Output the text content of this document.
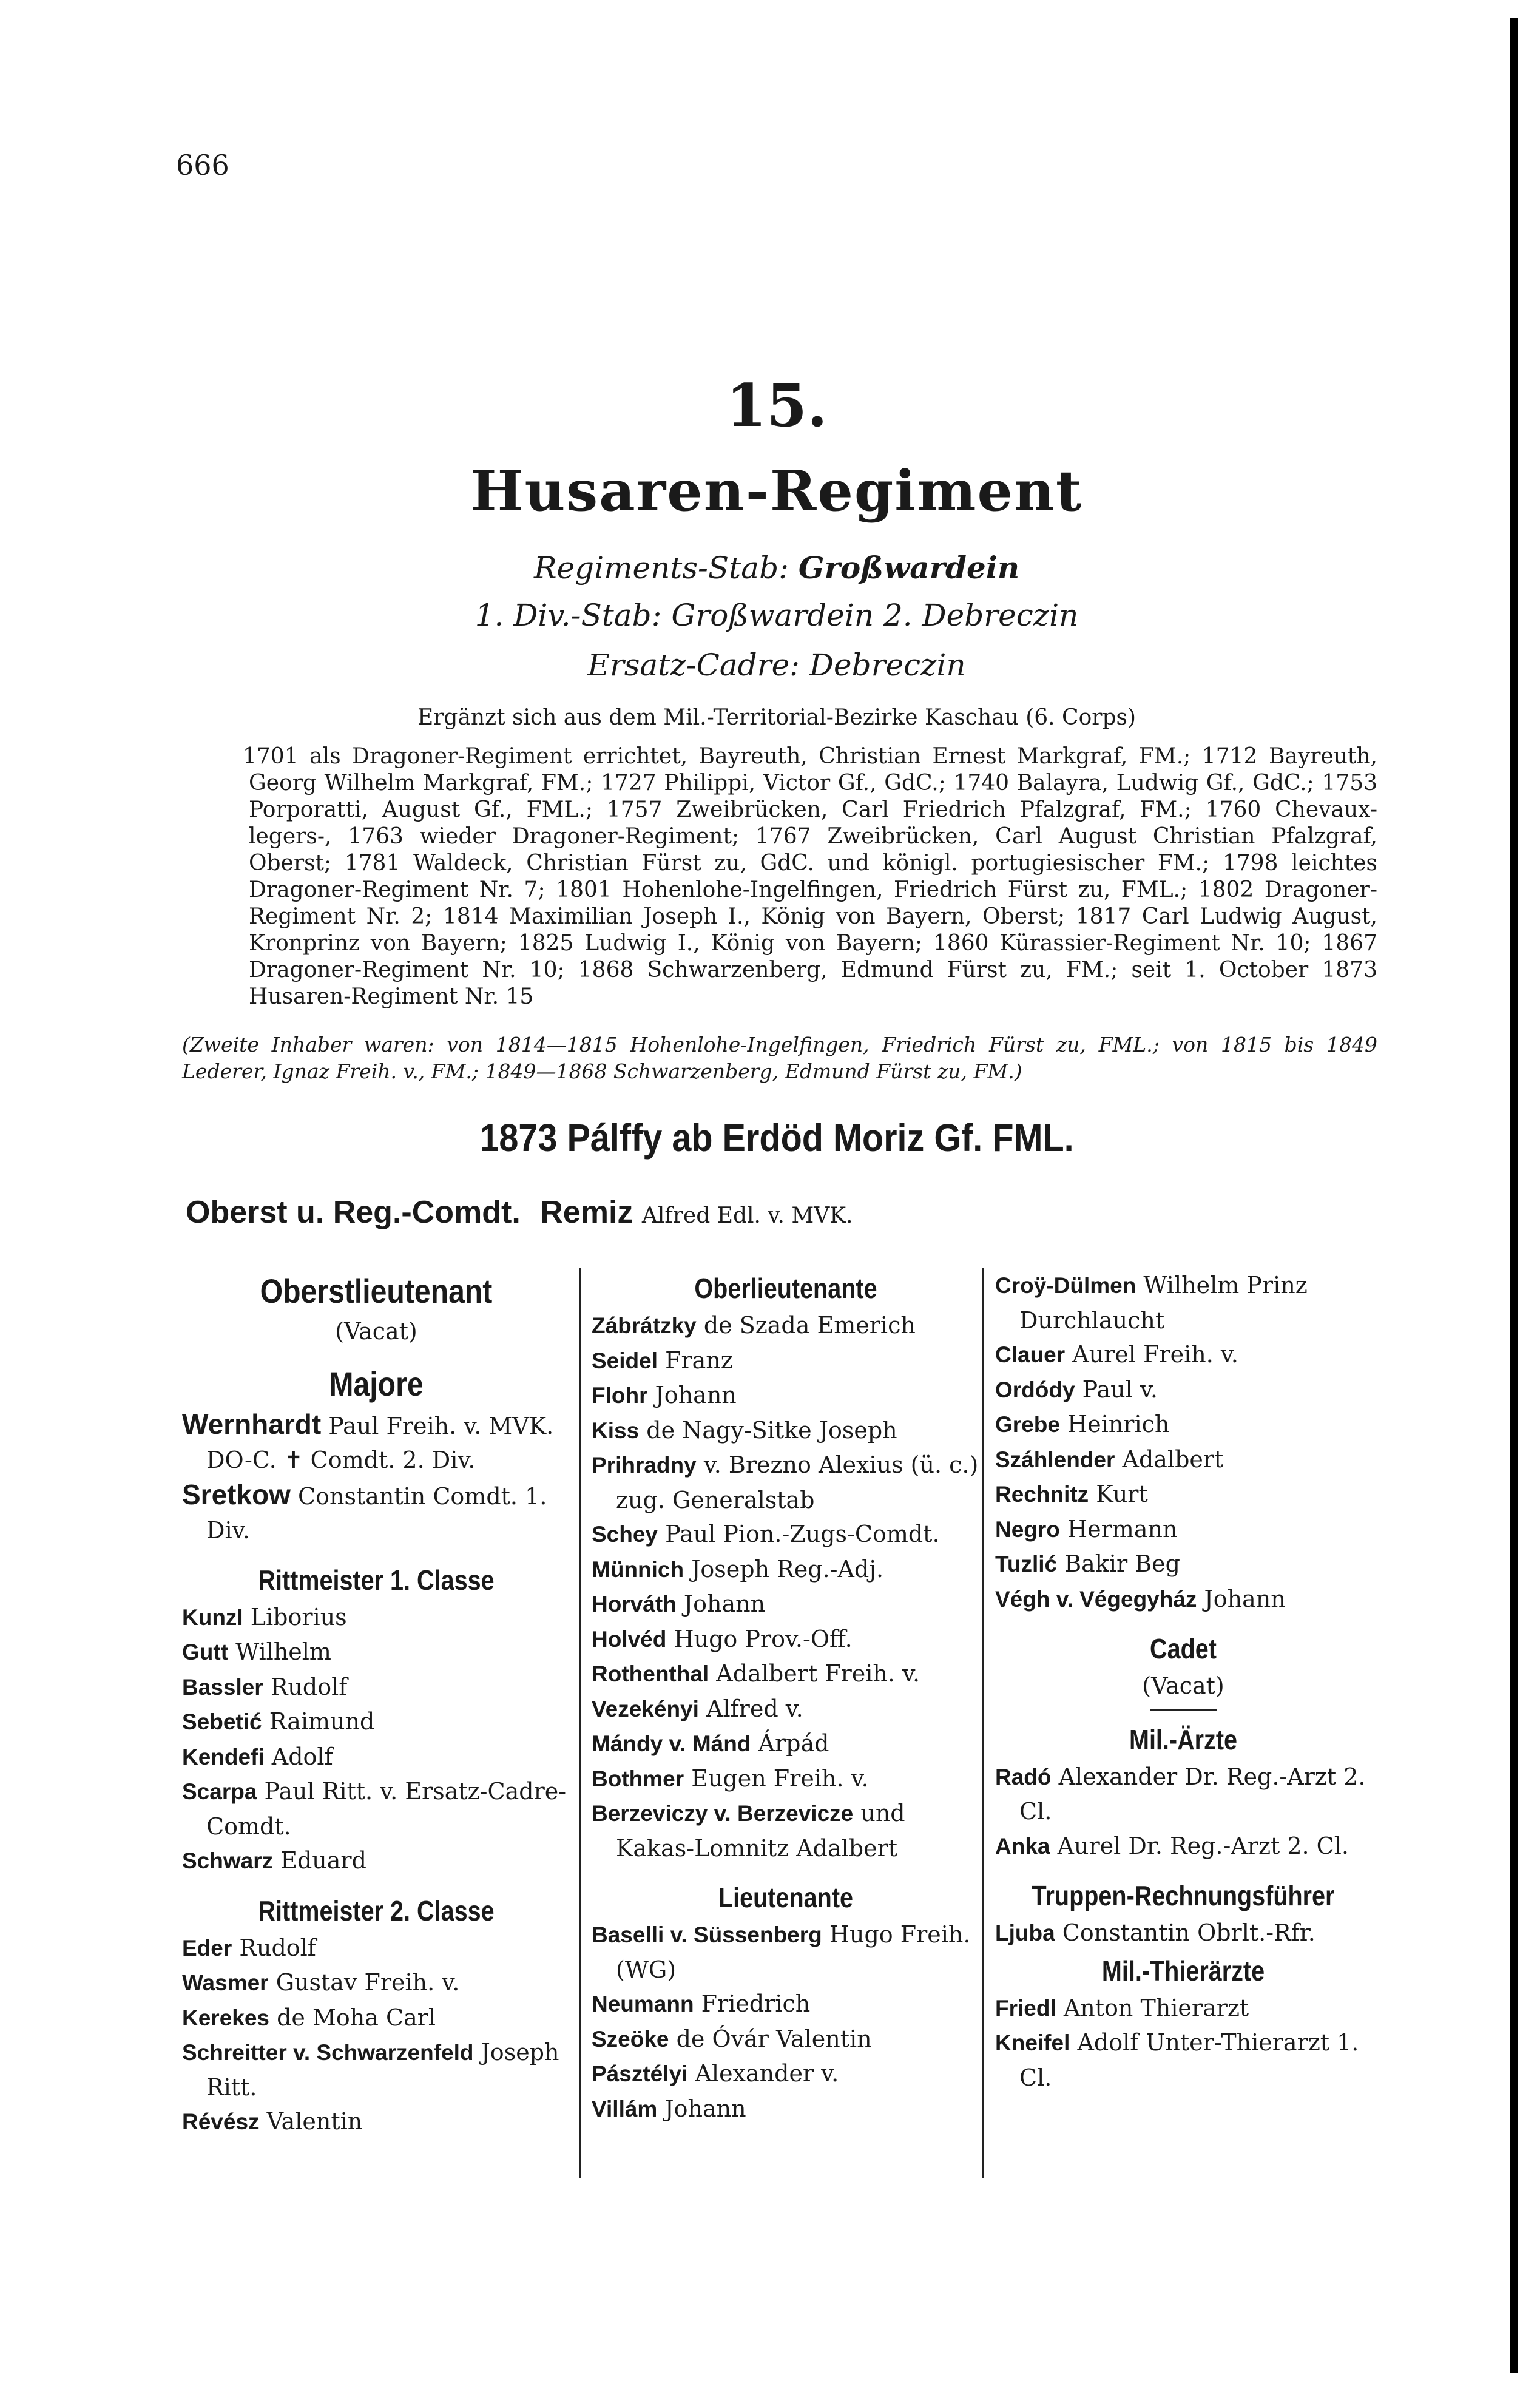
666
15.
Husaren-Regiment
Regiments-Stab: Großwardein
1. Div.-Stab: Großwardein 2. Debreczin
Ersatz-Cadre: Debreczin
Ergänzt sich aus dem Mil.-Territorial-Bezirke Kaschau (6. Corps)
1701 als Dragoner-Regiment errichtet, Bayreuth, Christian Ernest Markgraf, FM.; 1712 Bayreuth, Georg Wilhelm Markgraf, FM.; 1727 Philippi, Victor Gf., GdC.; 1740 Balayra, Ludwig Gf., GdC.; 1753 Porporatti, August Gf., FML.; 1757 Zweibrücken, Carl Friedrich Pfalzgraf, FM.; 1760 Chevaux-legers-, 1763 wieder Dragoner-Regiment; 1767 Zweibrücken, Carl August Christian Pfalzgraf, Oberst; 1781 Waldeck, Christian Fürst zu, GdC. und königl. portugiesischer FM.; 1798 leichtes Dragoner-Regiment Nr. 7; 1801 Hohenlohe-Ingelfingen, Friedrich Fürst zu, FML.; 1802 Dragoner-Regiment Nr. 2; 1814 Maximilian Joseph I., König von Bayern, Oberst; 1817 Carl Ludwig August, Kronprinz von Bayern; 1825 Ludwig I., König von Bayern; 1860 Kürassier-Regiment Nr. 10; 1867 Dragoner-Regiment Nr. 10; 1868 Schwarzenberg, Edmund Fürst zu, FM.; seit 1. October 1873 Husaren-Regiment Nr. 15
(Zweite Inhaber waren: von 1814—1815 Hohenlohe-Ingelfingen, Friedrich Fürst zu, FML.; von 1815 bis 1849 Lederer, Ignaz Freih. v., FM.; 1849—1868 Schwarzenberg, Edmund Fürst zu, FM.)
1873 Pálffy ab Erdöd Moriz Gf. FML.
Oberst u. Reg.-Comdt. Remiz Alfred Edl. v. MVK.
Oberstlieutenant
(Vacat)
Majore
Wernhardt Paul Freih. v. MVK. DO-C. ✝ Comdt. 2. Div.
Sretkow Constantin Comdt. 1. Div.
Rittmeister 1. Classe
Kunzl Liborius
Gutt Wilhelm
Bassler Rudolf
Sebetić Raimund
Kendefi Adolf
Scarpa Paul Ritt. v. Ersatz-Cadre-Comdt.
Schwarz Eduard
Rittmeister 2. Classe
Eder Rudolf
Wasmer Gustav Freih. v.
Kerekes de Moha Carl
Schreitter v. Schwarzenfeld Joseph Ritt.
Révész Valentin
Oberlieutenante
Zábrátzky de Szada Emerich
Seidel Franz
Flohr Johann
Kiss de Nagy-Sitke Joseph
Prihradny v. Brezno Alexius (ü. c.) zug. Generalstab
Schey Paul Pion.-Zugs-Comdt.
Münnich Joseph Reg.-Adj.
Horváth Johann
Holvéd Hugo Prov.-Off.
Rothenthal Adalbert Freih. v.
Vezekényi Alfred v.
Mándy v. Mánd Árpád
Bothmer Eugen Freih. v.
Berzeviczy v. Berzevicze und Kakas-Lomnitz Adalbert
Lieutenante
Baselli v. Süssenberg Hugo Freih. (WG)
Neumann Friedrich
Szeöke de Óvár Valentin
Pásztélyi Alexander v.
Villám Johann
Croÿ-Dülmen Wilhelm Prinz Durchlaucht
Clauer Aurel Freih. v.
Ordódy Paul v.
Grebe Heinrich
Száhlender Adalbert
Rechnitz Kurt
Negro Hermann
Tuzlić Bakir Beg
Végh v. Végegyház Johann
Cadet
(Vacat)
Mil.-Ärzte
Radó Alexander Dr. Reg.-Arzt 2. Cl.
Anka Aurel Dr. Reg.-Arzt 2. Cl.
Truppen-Rechnungsführer
Ljuba Constantin Obrlt.-Rfr.
Mil.-Thierärzte
Friedl Anton Thierarzt
Kneifel Adolf Unter-Thierarzt 1. Cl.
